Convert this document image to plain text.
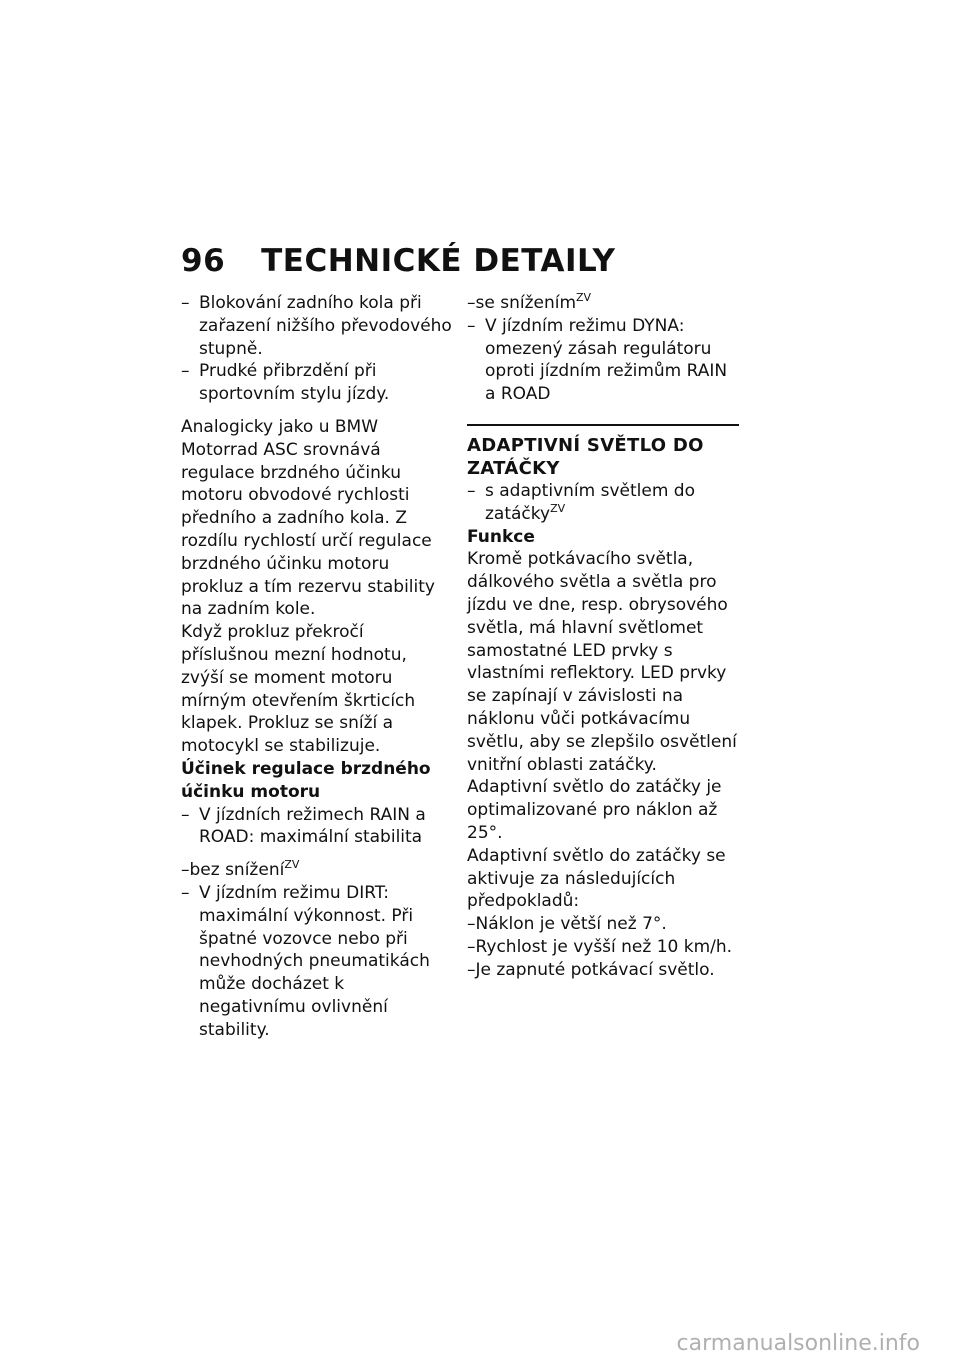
96 TECHNICKÉ DETAILY

– Blokování zadního kola při zařazení nižšího převodového stupně.

– Prudké přibrzdění při sportovním stylu jízdy.

Analogicky jako u BMW Motorrad ASC srovnává regulace brzdného účinku motoru obvodové rychlosti předního a zadního kola. Z rozdílu rychlostí určí regulace brzdného účinku motoru prokluz a tím rezervu stability na zadním kole.

Když prokluz překročí příslušnou mezní hodnotu, zvýší se moment motoru mírným otevřením škrticích klapek. Prokluz se sníží a motocykl se stabilizuje.

Účinek regulace brzdného účinku motoru

– V jízdních režimech RAIN a ROAD: maximální stabilita

–bez snížení$^{ZV}$

– V jízdním režimu DIRT: maximální výkonnost. Při špatné vozovce nebo při nevhodných pneumatikách může docházet k negativnímu ovlivnění stability.

–se snížením$^{ZV}$

– V jízdním režimu DYNA: omezený zásah regulátoru oproti jízdním režimům RAIN a ROAD

ADAPTIVNÍ SVĚTLO DO ZATÁČKY

– s adaptivním světlem do zatáčky$^{ZV}$

Funkce

Kromě potkávacího světla, dálkového světla a světla pro jízdu ve dne, resp. obrysového světla, má hlavní světlomet samostatné LED prvky s vlastními reflektory. LED prvky se zapínají v závislosti na náklonu vůči potkávacímu světlu, aby se zlepšilo osvětlení vnitřní oblasti zatáčky. Adaptivní světlo do zatáčky je optimalizované pro náklon až 25°.

Adaptivní světlo do zatáčky se aktivuje za následujících předpokladů:

–Náklon je větší než 7°.

–Rychlost je vyšší než 10 km/h.

–Je zapnuté potkávací světlo.

carmanualsonline.info
